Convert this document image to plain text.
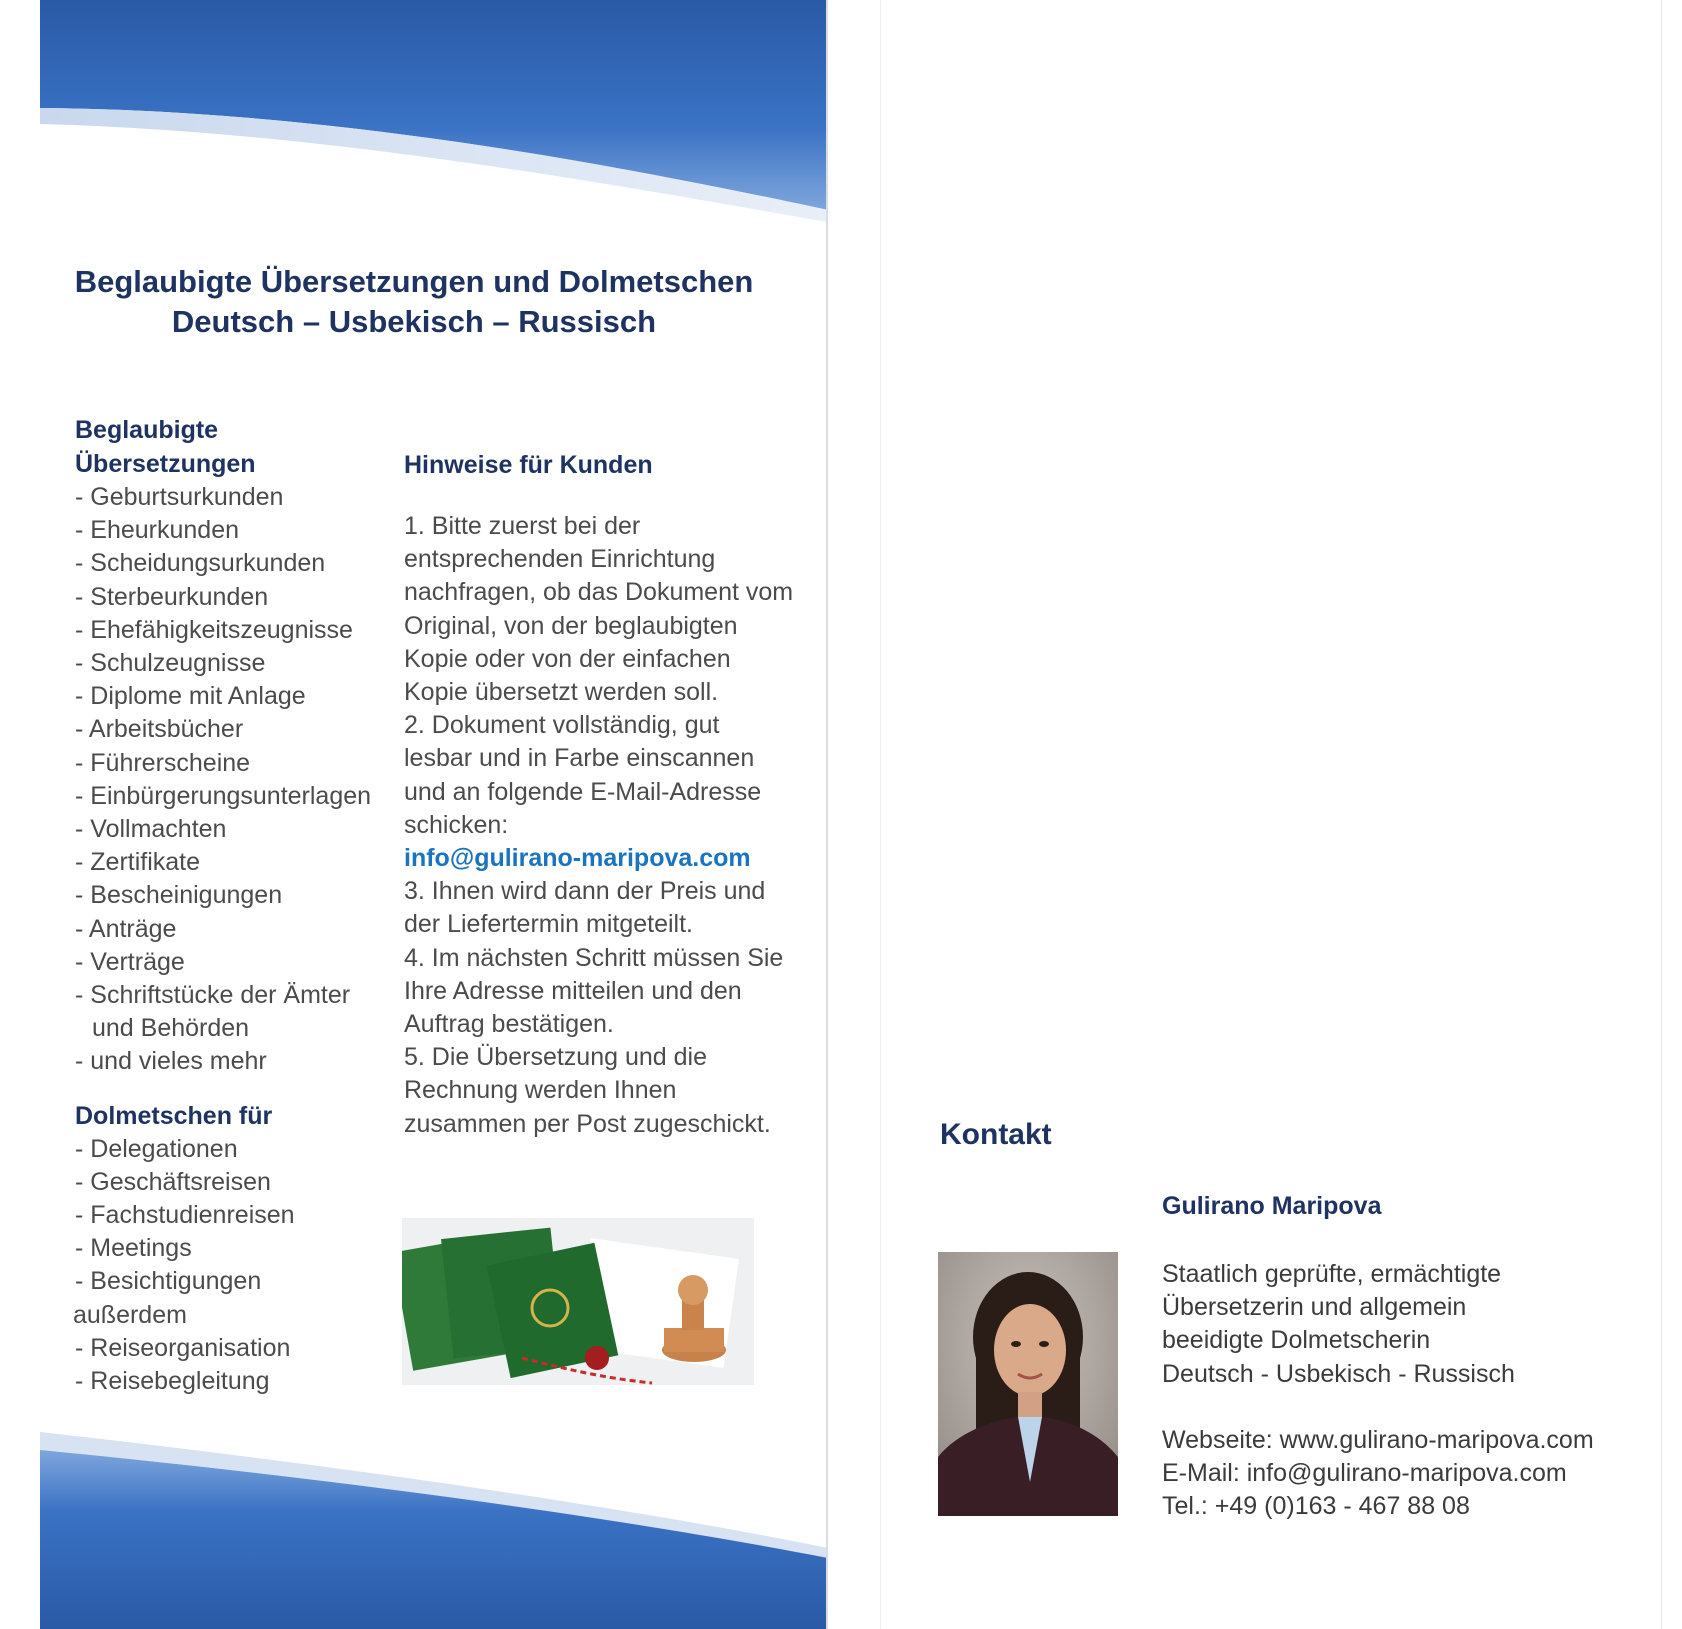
Beglaubigte Übersetzungen und Dolmetschen
Deutsch – Usbekisch – Russisch
Beglaubigte
Übersetzungen
- Geburtsurkunden
- Eheurkunden
- Scheidungsurkunden
- Sterbeurkunden
- Ehefähigkeitszeugnisse
- Schulzeugnisse
- Diplome mit Anlage
- Arbeitsbücher
- Führerscheine
- Einbürgerungsunterlagen
- Vollmachten
- Zertifikate
- Bescheinigungen
- Anträge
- Verträge
- Schriftstücke der Ämter
und Behörden
- und vieles mehr
Dolmetschen für
- Delegationen
- Geschäftsreisen
- Fachstudienreisen
- Meetings
- Besichtigungen
außerdem
- Reiseorganisation
- Reisebegleitung
Hinweise für Kunden

1. Bitte zuerst bei der entsprechenden Einrichtung nachfragen, ob das Dokument vom Original, von der beglaubigten Kopie oder von der einfachen Kopie übersetzt werden soll.

2. Dokument vollständig, gut lesbar und in Farbe einscannen und an folgende E-Mail-Adresse schicken:

info@gulirano-maripova.com

3. Ihnen wird dann der Preis und der Liefertermin mitgeteilt.

4. Im nächsten Schritt müssen Sie Ihre Adresse mitteilen und den Auftrag bestätigen.

5. Die Übersetzung und die Rechnung werden Ihnen zusammen per Post zugeschickt.	Kontakt
Gulirano Maripova

Staatlich geprüfte, ermächtigte

Übersetzerin und allgemein

beeidigte Dolmetscherin

Deutsch - Usbekisch - Russisch

Webseite: www.gulirano-maripova.com

E-Mail: info@gulirano-maripova.com

Tel.: +49 (0)163 - 467 88 08
